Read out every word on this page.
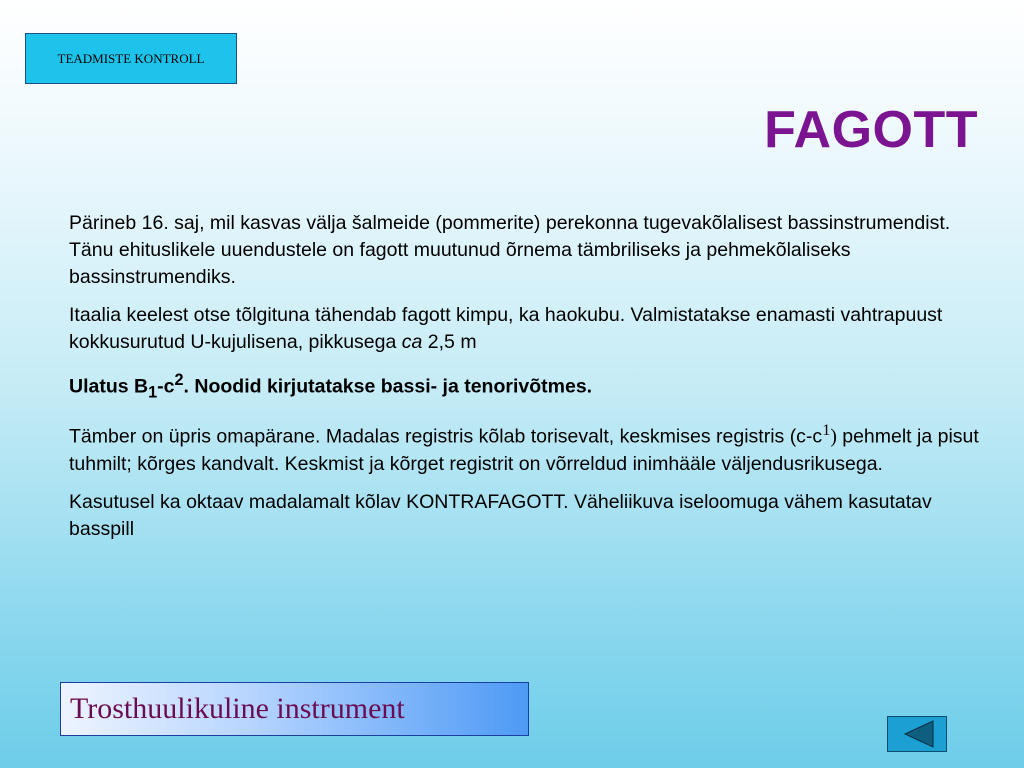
TEADMISTE KONTROLL
FAGOTT

Pärineb 16. saj, mil kasvas välja šalmeide (pommerite) perekonna tugevakõlalisest bassinstrumendist. Tänu ehituslikele uuendustele on fagott muutunud õrnema tämbriliseks ja pehmekõlaliseks bassinstrumendiks.

Itaalia keelest otse tõlgituna tähendab fagott kimpu, ka haokubu. Valmistatakse enamasti vahtrapuust kokkusurutud U-kujulisena, pikkusega ca 2,5 m

Ulatus $B_1-c^2$. Noodid kirjutatakse bassi- ja tenorivõtmes.

Tämber on üpris omapärane. Madalas registris kõlab torisevalt, keskmises registris $(c-c^1)$ pehmelt ja pisut tuhmilt; kõrges kandvalt. Keskmist ja kõrget registrit on võrreldud inimhääle väljendusrikusega.

Kasutusel ka oktaav madalamalt kõlav KONTRAFAGOTT. Väheliikuva iseloomuga vähem kasutatav basspill

Trosthuulikuline instrument
